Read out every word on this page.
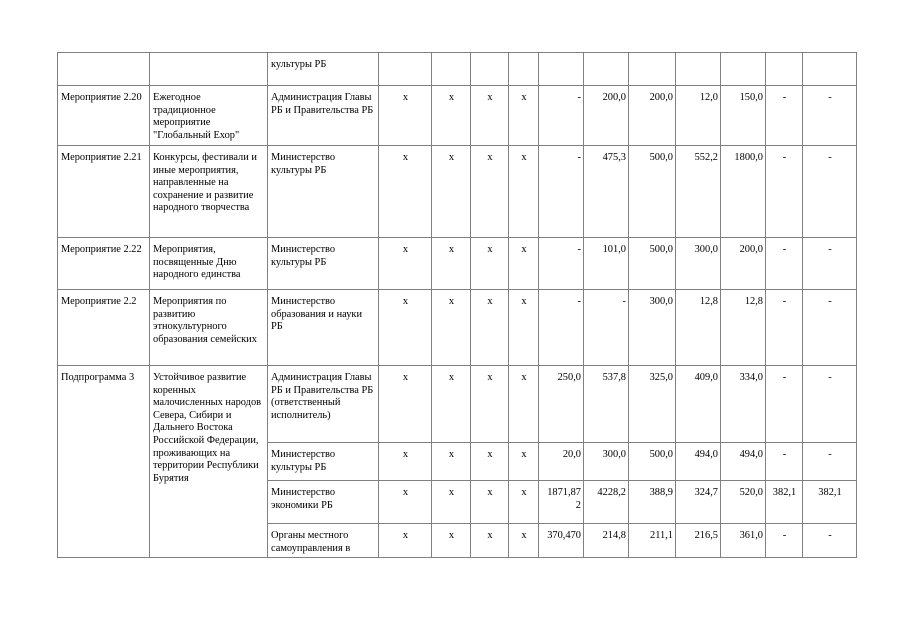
		культуры РБ											
Мероприятие 2.20	Ежегодное традиционное мероприятие "Глобальный Ехор"	Администрация Главы РБ и Правительства РБ	х	х	х	х	-	200,0	200,0	12,0	150,0	-	-
Мероприятие 2.21	Конкурсы, фестивали и иные мероприятия, направленные на сохранение и развитие народного творчества	Министерство культуры РБ	х	х	х	х	-	475,3	500,0	552,2	1800,0	-	-
Мероприятие 2.22	Мероприятия, посвященные Дню народного единства	Министерство культуры РБ	х	х	х	х	-	101,0	500,0	300,0	200,0	-	-
Мероприятие 2.2	Мероприятия по развитию этнокультурного образования семейских	Министерство образования и науки РБ	х	х	х	х	-	-	300,0	12,8	12,8	-	-
Подпрограмма 3	Устойчивое развитие коренных малочисленных народов Севера, Сибири и Дальнего Востока Российской Федерации, проживающих на территории Республики Бурятия	Администрация Главы РБ и Правительства РБ (ответственный исполнитель)	х	х	х	х	250,0	537,8	325,0	409,0	334,0	-	-
		Министерство культуры РБ	х	х	х	х	20,0	300,0	500,0	494,0	494,0	-	-
		Министерство экономики РБ	х	х	х	х	1871,87 2	4228,2	388,9	324,7	520,0	382,1	382,1
		Органы местного самоуправления в	х	х	х	х	370,470	214,8	211,1	216,5	361,0	-	-
